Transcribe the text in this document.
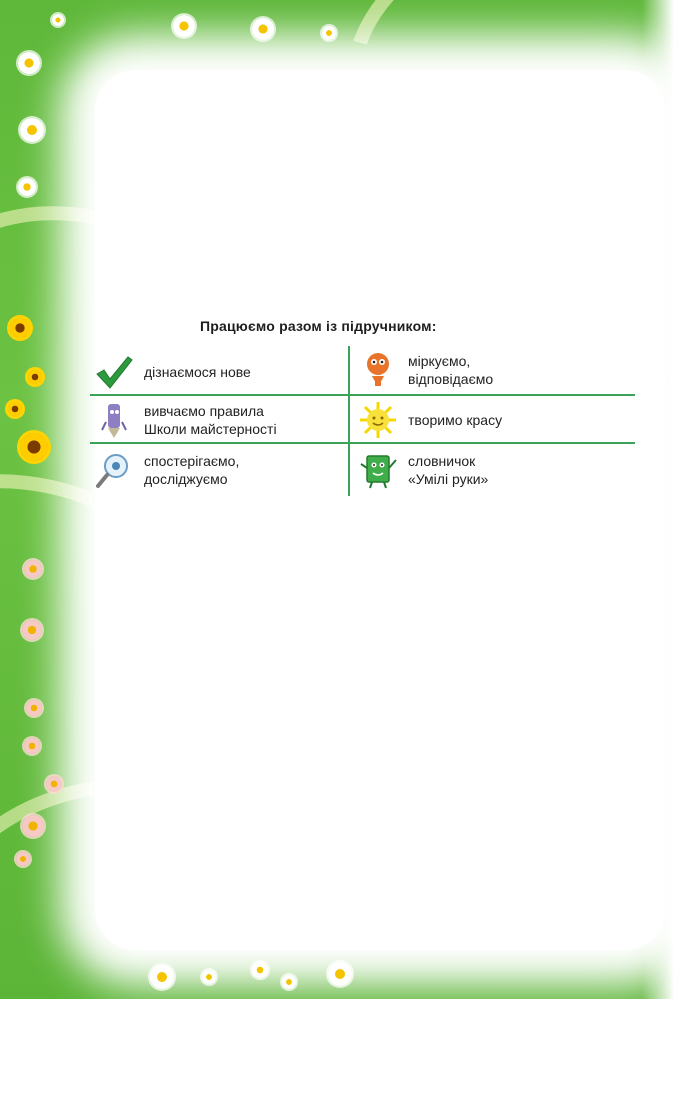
Працюємо разом із підручником:
дізнаємося нове
міркуємо,
відповідаємо
вивчаємо правила
Школи майстерності
творимо красу
спостерігаємо,
досліджуємо
словничок
«Умілі руки»
